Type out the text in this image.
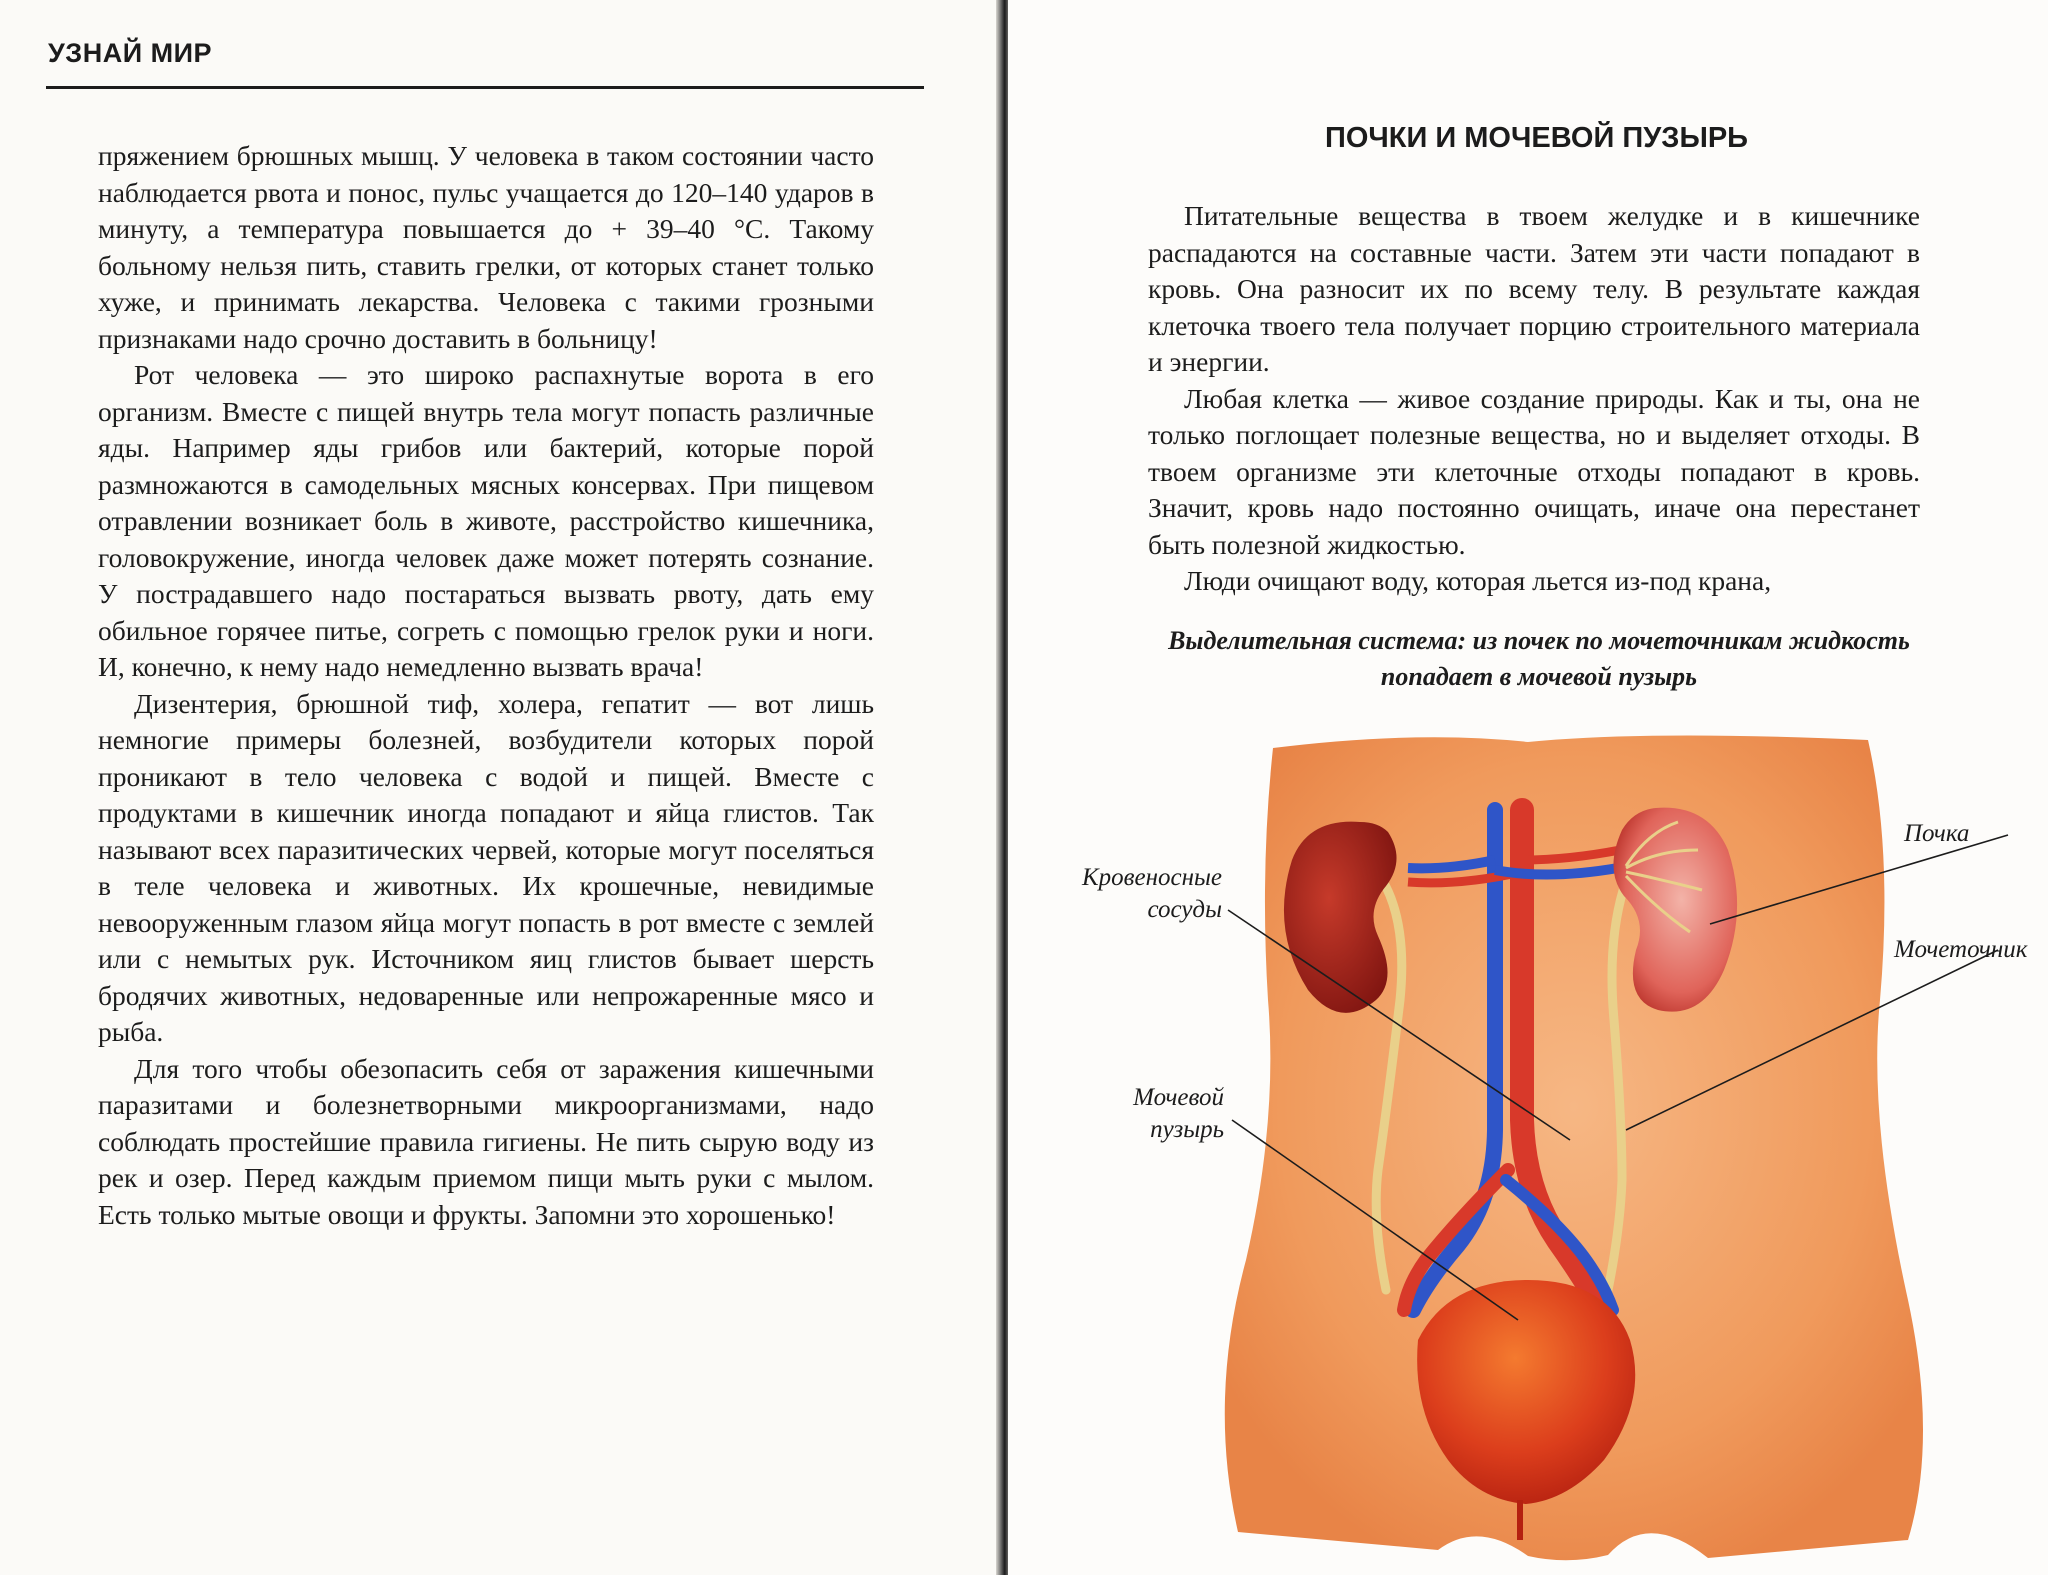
УЗНАЙ МИР

пряжением брюшных мышц. У человека в таком состоянии часто наблюдается рвота и понос, пульс учащается до 120–140 ударов в минуту, а температура повышается до + 39–40 °С. Такому больному нельзя пить, ставить грелки, от которых станет только хуже, и принимать лекарства. Человека с такими грозными признаками надо срочно доставить в больницу!

Рот человека — это широко распахнутые ворота в его организм. Вместе с пищей внутрь тела могут попасть различные яды. Например яды грибов или бактерий, которые порой размножаются в самодельных мясных консервах. При пищевом отравлении возникает боль в животе, расстройство кишечника, головокружение, иногда человек даже может потерять сознание. У пострадавшего надо постараться вызвать рвоту, дать ему обильное горячее питье, согреть с помощью грелок руки и ноги. И, конечно, к нему надо немедленно вызвать врача!

Дизентерия, брюшной тиф, холера, гепатит — вот лишь немногие примеры болезней, возбудители которых порой проникают в тело человека с водой и пищей. Вместе с продуктами в кишечник иногда попадают и яйца глистов. Так называют всех паразитических червей, которые могут поселяться в теле человека и животных. Их крошечные, невидимые невооруженным глазом яйца могут попасть в рот вместе с землей или с немытых рук. Источником яиц глистов бывает шерсть бродячих животных, недоваренные или непрожаренные мясо и рыба.

Для того чтобы обезопасить себя от заражения кишечными паразитами и болезнетворными микроорганизмами, надо соблюдать простейшие правила гигиены. Не пить сырую воду из рек и озер. Перед каждым приемом пищи мыть руки с мылом. Есть только мытые овощи и фрукты. Запомни это хорошенько!

ПОЧКИ И МОЧЕВОЙ ПУЗЫРЬ

Питательные вещества в твоем желудке и в кишечнике распадаются на составные части. Затем эти части попадают в кровь. Она разносит их по всему телу. В результате каждая клеточка твоего тела получает порцию строительного материала и энергии.

Любая клетка — живое создание природы. Как и ты, она не только поглощает полезные вещества, но и выделяет отходы. В твоем организме эти клеточные отходы попадают в кровь. Значит, кровь надо постоянно очищать, иначе она перестанет быть полезной жидкостью.

Люди очищают воду, которая льется из-под крана,

Выделительная система: из почек по мочеточникам жидкость попадает в мочевой пузырь
Почка
Мочеточник
Кровеносные
сосуды
Мочевой
пузырь
